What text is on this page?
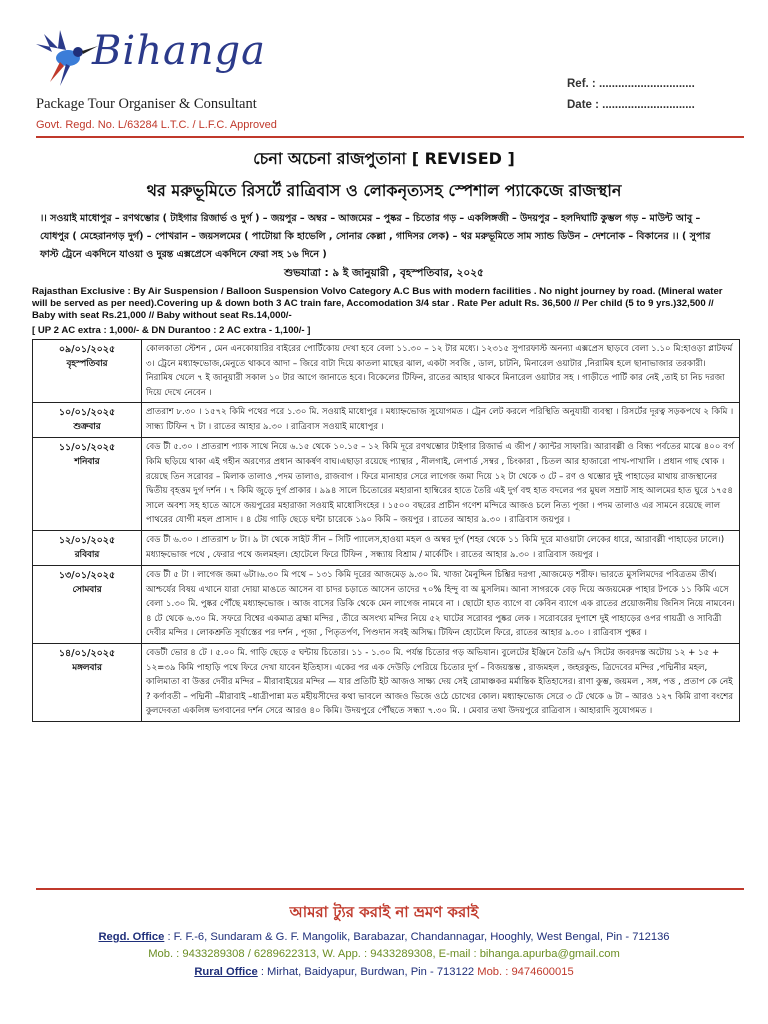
Bihanga
Package Tour Organiser & Consultant
Govt. Regd. No. L/63284 L.T.C. / L.F.C. Approved
Ref. : ..............................
Date : .............................
চেনা অচেনা রাজপুতানা [ REVISED ]
থর মরুভূমিতে রিসর্টে রাত্রিবাস ও লোকনৃত্যসহ স্পেশাল প্যাকেজে রাজস্থান
।। সওয়াই মাধোপুর – রণথম্ভোর ( টাইগার রিজার্ভ ও দুর্গ ) – জয়পুর – অম্বর – আজমের – পুষ্কর – চিতোর গড় – একলিঙ্গজী – উদয়পুর – হলদিঘাটি কুম্ভল গড় – মাউন্ট আবু – যোধপুর ( মেহেরানগড় দুর্গ) – পোখরান – জয়সলমের ( পাটোয়া কি হাভেলি , সোনার কেল্লা , গাদিসর লেক) – থর মরুভূমিতে সাম স্যান্ড ডিউন – দেশনোক – বিকানের ।। ( সুপার ফাস্ট ট্রেনে একদিনে যাওয়া ও দুরন্ত এক্সপ্রেসে একদিনে ফেরা সহ ১৬ দিনে )
শুভযাত্রা : ৯ ই জানুয়ারী , বৃহস্পতিবার, ২০২৫
Rajasthan Exclusive : By Air Suspension / Balloon Suspension Volvo Category A.C Bus with modern facilities . No night journey by road. (Mineral water will be served as per need).Covering up & down both 3 AC train fare, Accomodation 3/4 star . Rate Per adult Rs. 36,500 // Per child (5 to 9 yrs.)32,500 // Baby with seat Rs.21,000 // Baby without seat Rs.14,000/-
[ UP 2 AC extra : 1,000/- & DN Durantoo : 2 AC extra - 1,100/- ]
০৯/০১/২০২৫
বৃহস্পতিবার	কোলকাতা স্টেশন , মেন এনকোয়ারির বাইরের পোর্টিকোয় দেখা হবে বেলা ১১.৩০ – ১২ টার মধ্যে। ১২৩১৫ সুপারফাস্ট অনন্যা এক্সপ্রেস ছাড়বে বেলা ১.১০ মি:হাওড়া প্লাটফর্ম ৩। ট্রেনে মধ্যাহ্নভোজ,মেনুতে থাকবে আদা – জিরে বাটা দিয়ে কাতলা মাছের ঝাল, একটা সবজি , ডাল, চাটনি, মিনারেল ওয়াটার ,নিরামিষ হলে ছানাভাজার তরকারী। নিরামিষ খেলে ৭ ই জানুয়ারী সকাল ১০ টার আগে জানাতে হবে। বিকেলের টিফিন, রাতের আহার থাকবে মিনারেল ওয়াটার সহ । গাড়ীতে পার্টি কার নেই ,তাই চা নিচ দরজা দিয়ে দেখে নেবেন ।

১০/০১/২০২৫
শুক্রবার	প্রাতরাশ ৮.৩০ । ১৫৭২ কিমি পথের পরে ১.৩০ মি. সওয়াই মাধোপুর । মধ্যাহ্নভোজ সুযোগমত । ট্রেন লেট করলে পরিস্থিতি অনুযায়ী ব্যবস্থা । রিসর্টের দূরত্ব সড়কপথে ২ কিমি । সান্ধ্য টিফিন ৭ টা । রাতের আহার ৯.৩০ । রাত্রিবাস সওয়াই মাধোপুর ।

১১/০১/২০২৫
শনিবার	বেড টী ৫.৩০ । প্রাতরাশ প্যাক সাথে নিয়ে ৬.১৫ থেকে ১০.১৫ – ১২ কিমি দূরে রণথম্ভোর টাইগার রিজার্ভ এ জীপ / ক্যান্টর সাফারি। আরাবল্লী ও বিন্ধ্য পর্বতের মাঝে ৪০০ বর্গ কিমি ছড়িয়ে থাকা এই গহীন অরণ্যের প্রধান আকর্ষণ বাঘ।এছাড়া রয়েছে প্যান্থার , নীলগাই, লেপার্ড ,সম্বর , চিংকারা , চিতল আর হাজারো পাখ-পাখালি । প্রধান গাছ থোক । রয়েছে তিন সরোবর – মিলাক তালাও ,পদম তালাও, রাজবাগ । ফিরে মানাহার সেরে লাগেজ জমা দিয়ে ১২ টা থেকে ৩ টে – রণ ও থম্ভোর দুই পাহাড়ের মাথায় রাজস্থানের দ্বিতীয় বৃহত্তম দুর্গ দর্শন । ৭ কিমি জুড়ে দুর্গ প্রাকার । ৯৯৪ সালে চিতোরের মহারানা হাম্বিরের হাতে তৈরি এই দুর্গ বহু হাত বদলের পর মুঘল সম্রাট সাহ আলমের হাত ঘুরে ১৭৫৪ সালে অবশ্য সহ হাতে আসে জয়পুরের মহারাজা সওয়াই মাধোসিংহের । ১৫০০ বছরের প্রাচীন গণেশ মন্দিরে আজও চলে নিত্য পূজা । পদম তালাও এর সামনে রয়েছে লাল পাথরের যোগী মহল প্রাসাদ । ৪ টেয় গাড়ি ছেড়ে ঘন্টা চারেকে ১৯০ কিমি – জয়পুর । রাতের আহার ৯.৩০ । রাত্রিবাস জয়পুর ।

১২/০১/২০২৫
রবিবার	বেড টী ৬.৩০ । প্রাতরাশ ৮ টা। ৯ টা থেকে সাইট সীন – সিটি প্যালেস,হাওয়া মহল ও অম্বর দুর্গ (শহর থেকে ১১ কিমি দূরে মাওয়াটা লেকের ধারে, আরাবল্লী পাহাড়ের ঢালে।) মধ্যাহ্নভোজ পথে , ফেরার পথে জলমহল। হোটেলে ফিরে টিফিন , সন্ধ্যায় বিশ্রাম / মার্কেটিং । রাতের আহার ৯.৩০ । রাত্রিবাস জয়পুর ।

১৩/০১/২০২৫
সোমবার	বেড টী ৫ টা । লাগেজ জমা ৬টা।৬.৩০ মি পথে – ১৩১ কিমি দূরের আজমেড় ৯.৩০ মি. খাজা মৈনুদ্দিন চিশ্তির দরগা ,আজমেড় শরীফ। ভারতে মুসলিমদের পবিত্রতম তীর্থ। আশ্চর্যের বিষয় এখানে যারা দোয়া মাঙতে আসেন বা চাদর চড়াতে আসেন তাদের ৭০% হিন্দু বা অ মুসলিম। আনা সাগরকে বেড় দিয়ে অজয়মেরু পাহার টপকে ১১ কিমি এসে বেলা ১.৩০ মি. পুষ্কর পৌঁছে মধ্যাহ্নভোজ । আজ বাসের ডিকি থেকে মেন লাগেজ নামবে না । ছোটো হাত ব্যাগে বা কেবিন ব্যাগে এক রাতের প্রয়োজনীয় জিনিস নিয়ে নামবেন। ৪ টে থেকে ৬.৩০ মি. সফরে বিশ্বের একমাত্র ব্রহ্মা মন্দির , তীরে অসংখ্য মন্দির নিয়ে ৫২ ঘাটের সরোবর পুষ্কর লেক । সরোবরের দুপাশে দুই পাহাড়ের ওপর গায়ত্রী ও সাবিত্রী দেবীর মন্দির । লোকশ্রুতি সূর্যাস্তের পর দর্শন , পূজা , পিতৃতর্পণ, পিণ্ডদান সবই অসিদ্ধ। টিফিন হোটেলে ফিরে, রাতের আহার ৯.৩০ । রাত্রিবাস পুষ্কর ।

১৪/০১/২০২৫
মঙ্গলবার	বেডটী ভোর ৪ টে । ৫.০০ মি. গাড়ি ছেড়ে ৫ ঘন্টায় চিতোর। ১১ - ১.৩০ মি. পর্যন্ত চিতোর গড় অভিযান। বুলেটের ইঞ্জিনে তৈরি ৬/৭ সিটের জবরদস্ত অটোয় ১২ + ১৫ + ১২=৩৯ কিমি পাহাড়ি পথে ফিরে দেখা যাবেন ইতিহাস। একের পর এক দেউড়ি পেরিয়ে চিতোর দুর্গ – বিজয়স্তম্ভ , রাজমহল , জহরকুন্ড, ত্রিদেবের মন্দির ,পদ্মিনীর মহল, কালিমাতা বা উত্তর দেবীর মন্দির – মীরাবাইয়ের মন্দির — যার প্রতিটি ইট আজও সাক্ষ্য দেয় সেই রোমাঞ্চকর মর্মান্তিক ইতিহাসের। রাণা কুম্ভ, জয়মল , সঙ্গ, পত্ত , প্রতাপ কে নেই ? কর্ণাবতী – পদ্মিনী –মীরাবাই –ধাত্রীপান্না মত মহীয়সীদের কথা ভাবলে আজও ভিজে ওঠে চোখের কোল। মধ্যাহ্নভোজ সেরে ৩ টে থেকে ৬ টা – আরও ১২৭ কিমি রাণা বংশের কুলদেবতা একলিঙ্গ ভগবানের দর্শন সেরে আরও ৪০ কিমি। উদয়পুরে পৌঁছতে সন্ধ্যা ৭.৩০ মি. । মেবার তথা উদয়পুরে রাত্রিবাস । আহারাদি সুযোগমত ।
আমরা ট্যুর করাই না ভ্রমণ করাই
Regd. Office : F. F.-6, Sundaram & G. F. Mangolik, Barabazar, Chandannagar, Hooghly, West Bengal, Pin - 712136
Mob. : 9433289308 / 6289622313, W. App. : 9433289308, E-mail : bihanga.apurba@gmail.com
Rural Office : Mirhat, Baidyapur, Burdwan, Pin - 713122 Mob. : 9474600015
